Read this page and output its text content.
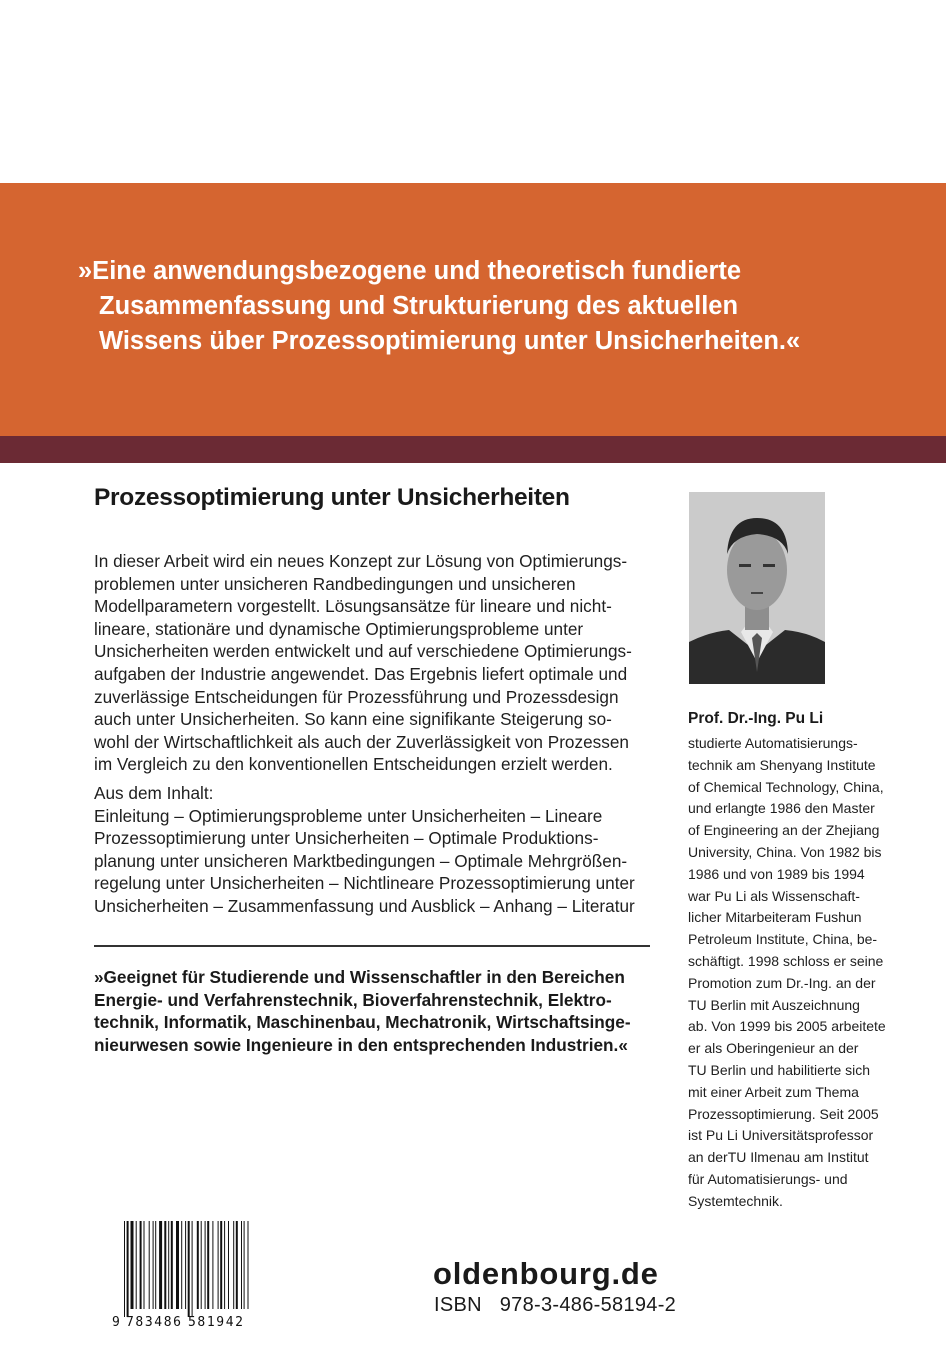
»Eine anwendungsbezogene und theoretisch fundierte
Zusammenfassung und Strukturierung des aktuellen
Wissens über Prozessoptimierung unter Unsicherheiten.«

Prozessoptimierung unter Unsicherheiten
In dieser Arbeit wird ein neues Konzept zur Lösung von Optimierungs-
problemen unter unsicheren Randbedingungen und unsicheren
Modellparametern vorgestellt. Lösungsansätze für lineare und nicht-
lineare, stationäre und dynamische Optimierungsprobleme unter
Unsicherheiten werden entwickelt und auf verschiedene Optimierungs-
aufgaben der Industrie angewendet. Das Ergebnis liefert optimale und
zuverlässige Entscheidungen für Prozessführung und Prozessdesign
auch unter Unsicherheiten. So kann eine signifikante Steigerung so-
wohl der Wirtschaftlichkeit als auch der Zuverlässigkeit von Prozessen
im Vergleich zu den konventionellen Entscheidungen erzielt werden.
Aus dem Inhalt:
Einleitung – Optimierungsprobleme unter Unsicherheiten – Lineare
Prozessoptimierung unter Unsicherheiten – Optimale Produktions-
planung unter unsicheren Marktbedingungen – Optimale Mehrgrößen-
regelung unter Unsicherheiten – Nichtlineare Prozessoptimierung unter
Unsicherheiten – Zusammenfassung und Ausblick – Anhang – Literatur
»Geeignet für Studierende und Wissenschaftler in den Bereichen
Energie- und Verfahrenstechnik, Bioverfahrenstechnik, Elektro-
technik, Informatik, Maschinenbau, Mechatronik, Wirtschaftsinge-
nieurwesen sowie Ingenieure in den entsprechenden Industrien.«
Prof. Dr.-Ing. Pu Li
studierte Automatisierungs-
technik am Shenyang Institute
of Chemical Technology, China,
und erlangte 1986 den Master
of Engineering an der Zhejiang
University, China. Von 1982 bis
1986 und von 1989 bis 1994
war Pu Li als Wissenschaft-
licher Mitarbeiteram Fushun
Petroleum Institute, China, be-
schäftigt. 1998 schloss er seine
Promotion zum Dr.-Ing. an der
TU Berlin mit Auszeichnung
ab. Von 1999 bis 2005 arbeitete
er als Oberingenieur an der
TU Berlin und habilitierte sich
mit einer Arbeit zum Thema
Prozessoptimierung. Seit 2005
ist Pu Li Universitätsprofessor
an derTU Ilmenau am Institut
für Automatisierungs- und
Systemtechnik.
9 783486 581942

oldenbourg.de

ISBN 978-3-486-58194-2
